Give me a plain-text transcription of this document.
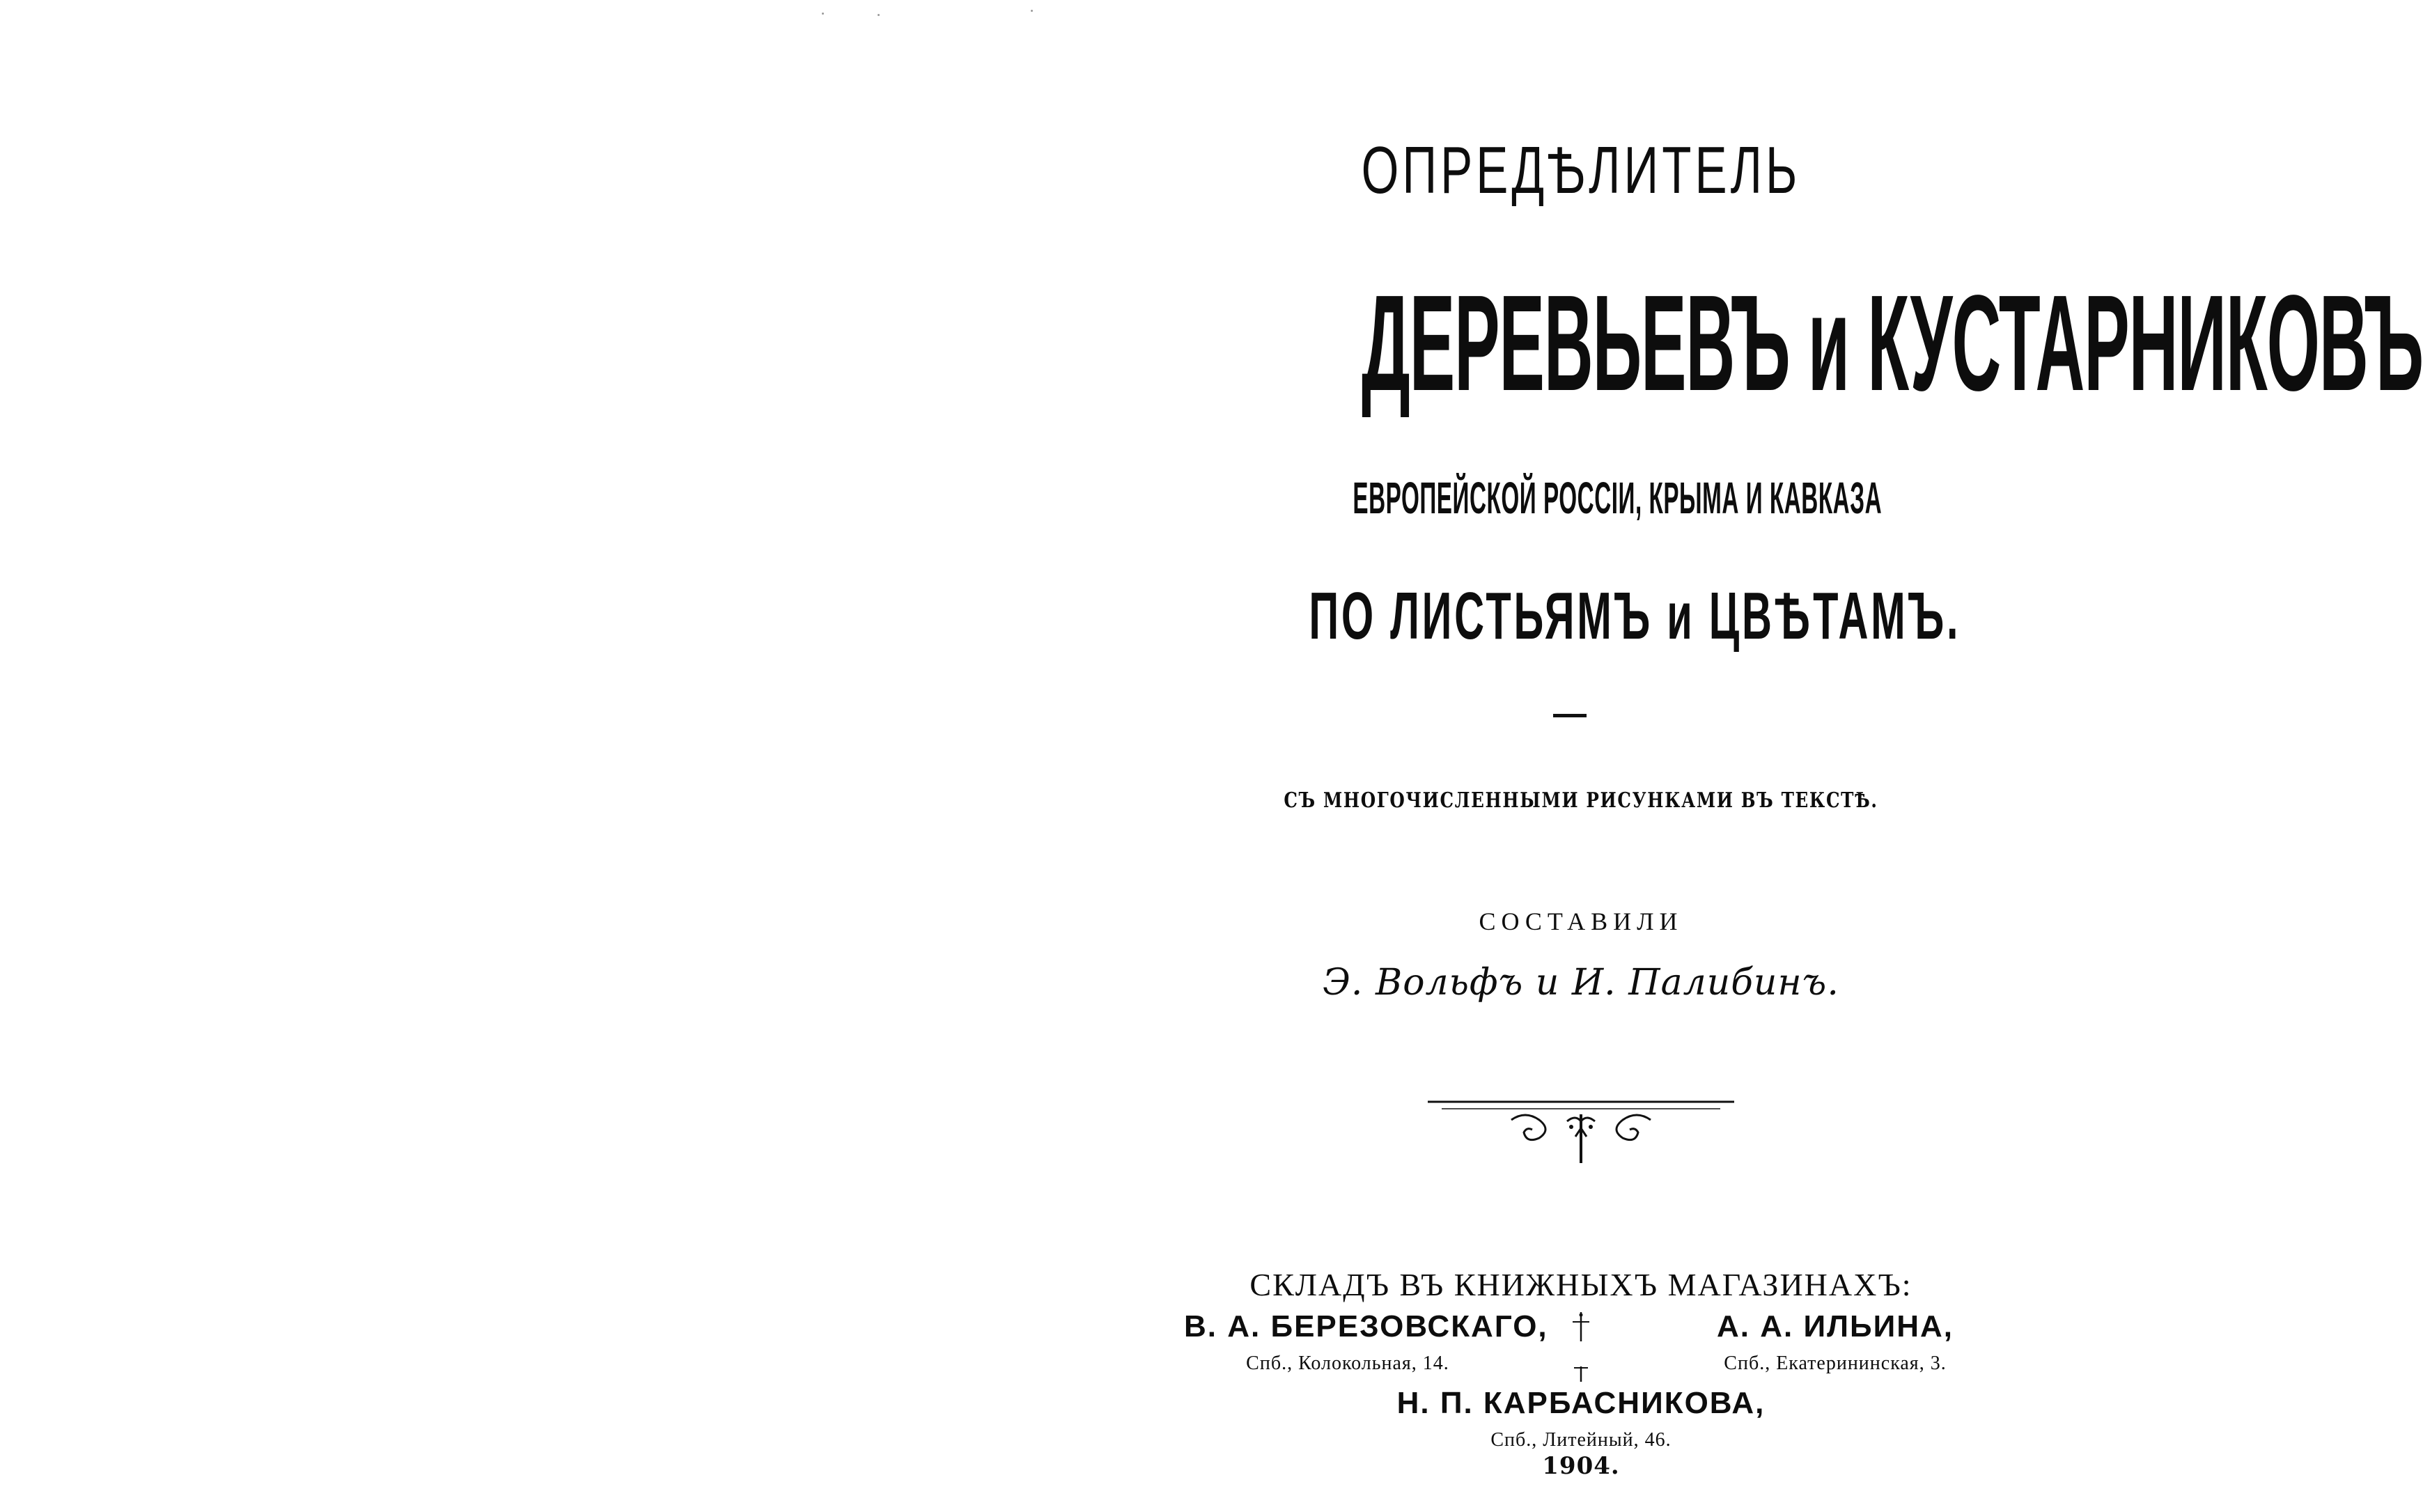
ОПРЕДѢЛИТЕЛЬ
ДЕРЕВЬЕВЪ и КУСТАРНИКОВЪ
ЕВРОПЕЙСКОЙ РОССІИ, КРЫМА И КАВКАЗА
ПО ЛИСТЬЯМЪ и ЦВѢТАМЪ.
СЪ МНОГОЧИСЛЕННЫМИ РИСУНКАМИ ВЪ ТЕКСТѢ.
СОСТАВИЛИ
Э. Вольфъ и И. Палибинъ.
СКЛАДЪ ВЪ КНИЖНЫХЪ МАГАЗИНАХЪ:
В. А. БЕРЕЗОВСКАГО,
Спб., Колокольная, 14.
А. А. ИЛЬИНА,
Спб., Екатерининская, 3.
Н. П. КАРБАСНИКОВА,
Спб., Литейный, 46.
1904.
